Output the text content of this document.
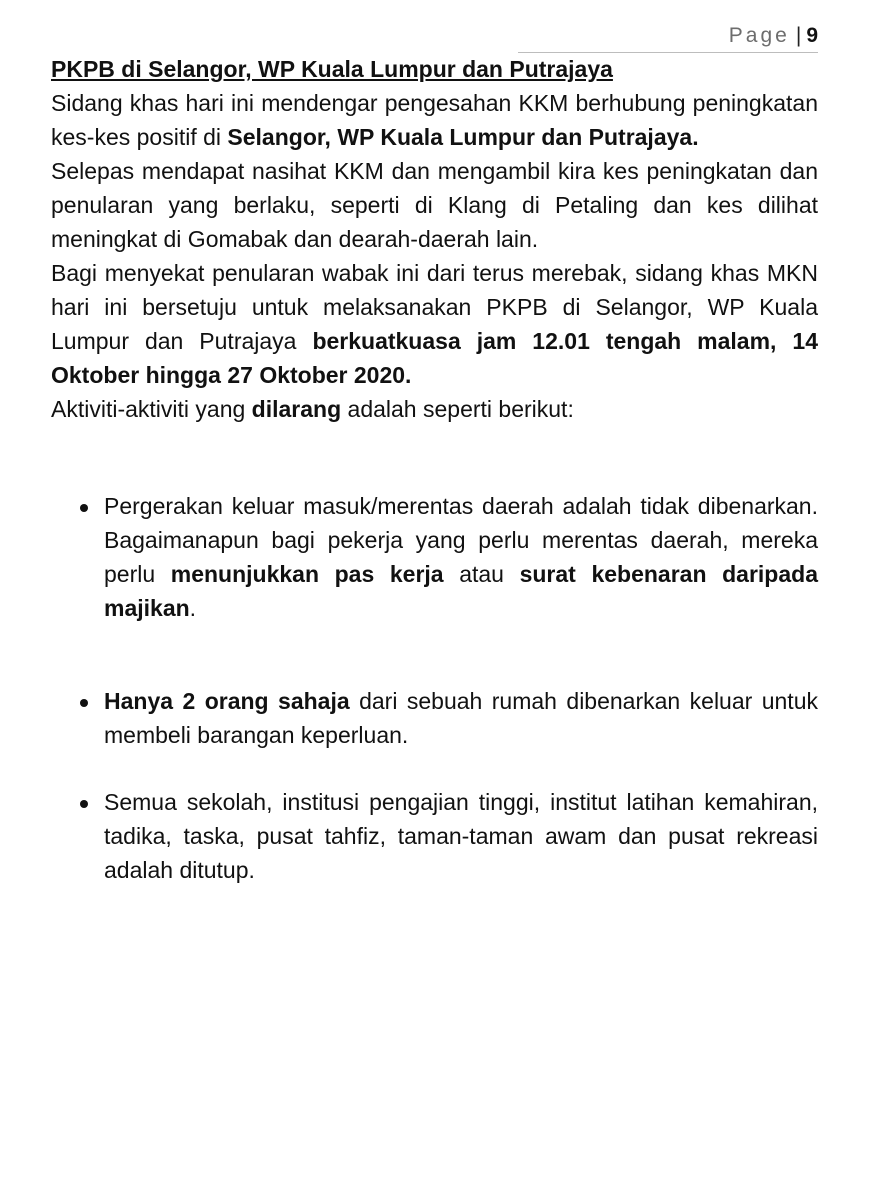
Page |9

PKPB di Selangor, WP Kuala Lumpur dan Putrajaya

Sidang khas hari ini mendengar pengesahan KKM berhubung peningkatan kes-kes positif di Selangor, WP Kuala Lumpur dan Putrajaya.

Selepas mendapat nasihat KKM dan mengambil kira kes peningkatan dan penularan yang berlaku, seperti di Klang di Petaling dan kes dilihat meningkat di Gomabak dan dearah-daerah lain.

Bagi menyekat penularan wabak ini dari terus merebak, sidang khas MKN hari ini bersetuju untuk melaksanakan PKPB di Selangor, WP Kuala Lumpur dan Putrajaya berkuatkuasa jam 12.01 tengah malam, 14 Oktober hingga 27 Oktober 2020.

Aktiviti-aktiviti yang dilarang adalah seperti berikut:

Pergerakan keluar masuk/merentas daerah adalah tidak dibenarkan. Bagaimanapun bagi pekerja yang perlu merentas daerah, mereka perlu menunjukkan pas kerja atau surat kebenaran daripada majikan.
Hanya 2 orang sahaja dari sebuah rumah dibenarkan keluar untuk membeli barangan keperluan.
Semua sekolah, institusi pengajian tinggi, institut latihan kemahiran, tadika, taska, pusat tahfiz, taman-taman awam dan pusat rekreasi adalah ditutup.
